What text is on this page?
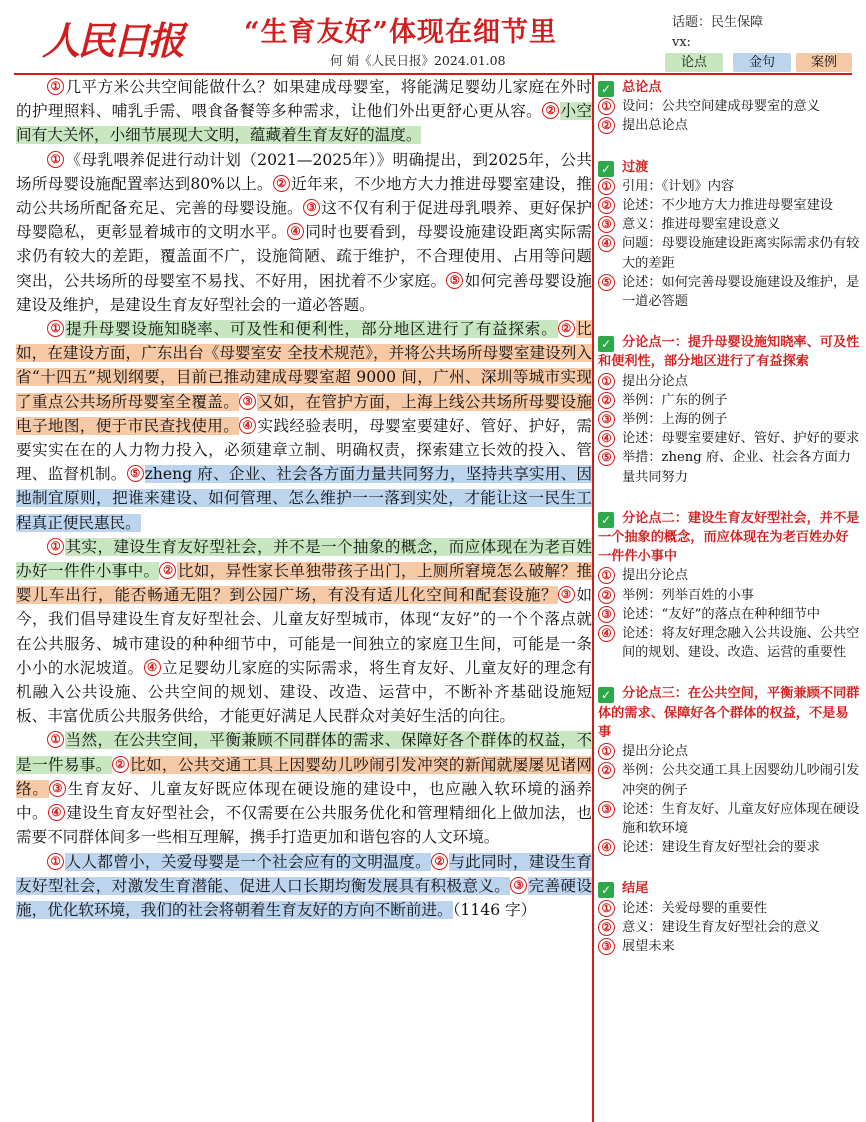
人民日报 “生育友好”体现在细节里
何 娟《人民日报》2024.01.08
话题：民生保障
vx:
论点	金句	案例

① 几平方米公共空间能做什么？如果建成母婴室，将能满足婴幼儿家庭在外时的护理照料、哺乳手需、喂食备餐等多种需求，让他们外出更舒心更从容。 ② 小空间有大关怀，小细节展现大文明，蕴藏着生育友好的温度。

① 《母乳喂养促进行动计划（2021—2025年）》明确提出，到2025年，公共场所母婴设施配置率达到80%以上。 ② 近年来，不少地方大力推进母婴室建设，推动公共场所配备充足、完善的母婴设施。 ③ 这不仅有利于促进母乳喂养、更好保护母婴隐私，更彰显着城市的文明水平。 ④ 同时也要看到，母婴设施建设距离实际需求仍有较大的差距，覆盖面不广，设施简陋、疏于维护，不合理使用、占用等问题突出，公共场所的母婴室不易找、不好用，困扰着不少家庭。 ⑤ 如何完善母婴设施建设及维护，是建设生育友好型社会的一道必答题。

① 提升母婴设施知晓率、可及性和便利性，部分地区进行了有益探索。 ② 比如，在建设方面，广东出台《母婴室安 全技术规范》，并将公共场所母婴室建设列入省“十四五”规划纲要，目前已推动建成母婴室超 9000 间，广州、深圳等城市实现了重点公共场所母婴室全覆盖。 ③ 又如，在管护方面，上海上线公共场所母婴设施电子地图，便于市民查找使用。 ④ 实践经验表明，母婴室要建好、管好、护好，需要实实在在的人力物力投入，必须建章立制、明确权责，探索建立长效的投入、管理、监督机制。 ⑤ zheng 府、企业、社会各方面力量共同努力，坚持共享实用、因地制宜原则，把谁来建设、如何管理、怎么维护一一落到实处，才能让这一民生工程真正便民惠民。

① 其实，建设生育友好型社会，并不是一个抽象的概念，而应体现在为老百姓办好一件件小事中。 ② 比如，异性家长单独带孩子出门，上厕所窘境怎么破解？推婴儿车出行，能否畅通无阻？到公园广场，有没有适儿化空间和配套设施？ ③ 如今，我们倡导建设生育友好型社会、儿童友好型城市，体现“友好”的一个个落点就在公共服务、城市建设的种种细节中，可能是一间独立的家庭卫生间，可能是一条小小的水泥坡道。 ④ 立足婴幼儿家庭的实际需求，将生育友好、儿童友好的理念有机融入公共设施、公共空间的规划、建设、改造、运营中，不断补齐基础设施短板、丰富优质公共服务供给，才能更好满足人民群众对美好生活的向往。

① 当然，在公共空间，平衡兼顾不同群体的需求、保障好各个群体的权益，不是一件易事。 ② 比如，公共交通工具上因婴幼儿吵闹引发冲突的新闻就屡屡见诸网络。 ③ 生育友好、儿童友好既应体现在硬设施的建设中，也应融入软环境的涵养中。 ④ 建设生育友好型社会，不仅需要在公共服务优化和管理精细化上做加法，也需要不同群体间多一些相互理解，携手打造更加和谐包容的人文环境。

① 人人都曾小，关爱母婴是一个社会应有的文明温度。 ② 与此同时，建设生育友好型社会，对激发生育潜能、促进人口长期均衡发展具有积极意义。 ③ 完善硬设施，优化软环境，我们的社会将朝着生育友好的方向不断前进。（1146 字）

✓ 总论点
① 设问：公共空间建成母婴室的意义
② 提出总论点
✓ 过渡
① 引用：《计划》内容
② 论述：不少地方大力推进母婴室建设
③ 意义：推进母婴室建设意义
④ 问题：母婴设施建设距离实际需求仍有较大的差距
⑤ 论述：如何完善母婴设施建设及维护，是一道必答题
✓ 分论点一：提升母婴设施知晓率、可及性和便利性，部分地区进行了有益探索
① 提出分论点
② 举例：广东的例子
③ 举例：上海的例子
④ 论述：母婴室要建好、管好、护好的要求
⑤ 举措：zheng 府、企业、社会各方面力量共同努力
✓ 分论点二：建设生育友好型社会，并不是一个抽象的概念，而应体现在为老百姓办好一件件小事中
① 提出分论点
② 举例：列举百姓的小事
③ 论述：“友好”的落点在种种细节中
④ 论述：将友好理念融入公共设施、公共空间的规划、建设、改造、运营的重要性
✓ 分论点三：在公共空间，平衡兼顾不同群体的需求、保障好各个群体的权益，不是易事
① 提出分论点
② 举例：公共交通工具上因婴幼儿吵闹引发冲突的例子
③ 论述：生育友好、儿童友好应体现在硬设施和软环境
④ 论述：建设生育友好型社会的要求
✓ 结尾
① 论述：关爱母婴的重要性
② 意义：建设生育友好型社会的意义
③ 展望未来
